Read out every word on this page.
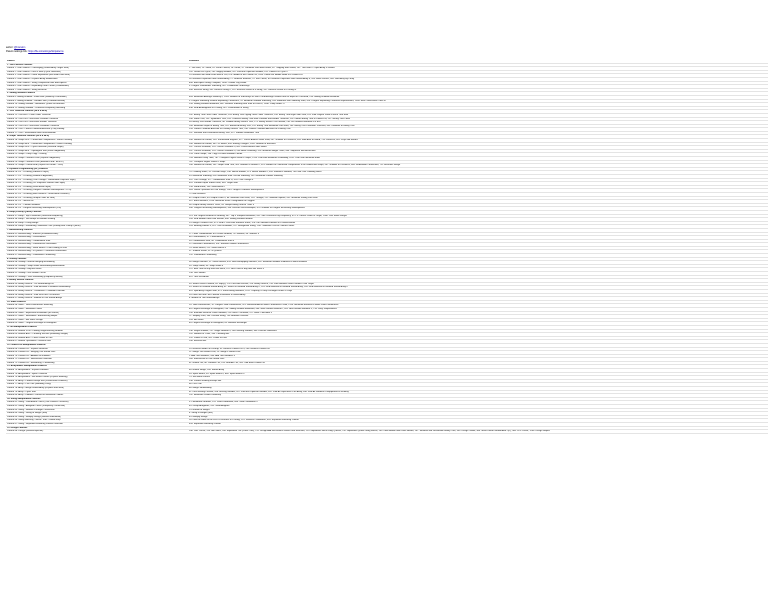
author: @brandon
Patent rankings link: https://file.io/rankings/list/patterns
Pattern	Problems
1. Two Pointers Patterns	
Pattern 1: Two Pointers - Converging (Sorted Array Target Sum)	1. Two Sum, 15. 3Sum, 16. 3Sum Closest, 18. 4Sum, 11. Container With Most Water, 42. Trapping Rain Water, 167. Two Sum II - Input Array Is Sorted
Pattern 2: Two Pointers - Fast & Slow (Cycle Detection)	141. Linked List Cycle, 202. Happy Number, 287. Find the Duplicate Number, 142. Linked List Cycle II
Pattern 3: Two Pointers - Fixed Separation (Nth Node From End)	19. Remove Nth Node From End of List, 876. Middle of the Linked List, 2095. Delete the Middle Node of a Linked List
Pattern 4: Two Pointers - In-place Array Modification	26. Remove Duplicates from Sorted Array, 27. Remove Element, 75. Sort Colors, 80. Remove Duplicates from Sorted Array II, 283. Move Zeroes, 905. Sort Array By Parity
Pattern 5: Two Pointers - String Comparison with Backspaces	844. Backspace String Compare, 1598. Crawler Log Folder
Pattern 6: Two Pointers - Expanding From Center (Palindromes)	5. Longest Palindromic Substring, 647. Palindromic Substrings
Pattern 7: Two Pointers - String Reversal	344. Reverse String, 541. Reverse String II, 151. Reverse Words in a String, 557. Reverse Words in a String III
2. Sliding Window Patterns	
Pattern 8: Sliding Window - Fixed Size (Subarray Calculation)	643. Maximum Average Subarray I, 1343. Number of Sub-arrays of Size K and Average Greater than or Equal to Threshold, 239. Sliding Window Maximum
Pattern 9: Sliding Window - Variable Size (Condition-Based)	3. Longest Substring Without Repeating Characters, 76. Minimum Window Substring, 209. Minimum Size Subarray Sum, 424. Longest Repeating Character Replacement, 1004. Max Consecutive Ones III
Pattern 10: Sliding Window - Monotonic Queue for Max/Min	239. Sliding Window Maximum, 862. Shortest Subarray with Sum at Least K, 1696. Jump Game VI
Pattern 11: Sliding Window - Character Frequency Matching	438. Find All Anagrams in a String, 567. Permutation in String
3. Tree Traversal Patterns (DFS & BFS)	
Pattern 12: Tree BFS - Level Order Traversal	102. Binary Tree Level Order Traversal, 103. Binary Tree Zigzag Level Order Traversal, 199. Binary Tree Right Side View, 515. Find Largest Value in Each Tree Row
Pattern 13: Tree DFS - Recursive Preorder Traversal	100. Same Tree, 101. Symmetric Tree, 105. Construct Binary Tree from Preorder and Inorder Traversal, 114. Flatten Binary Tree to Linked List, 257. Binary Tree Paths
Pattern 14: Tree DFS - Recursive Inorder Traversal	94. Binary Tree Inorder Traversal, 98. Validate Binary Search Tree, 173. Binary Search Tree Iterator, 230. Kth Smallest Element in a BST
Pattern 15: Tree DFS - Recursive Postorder Traversal	104. Maximum Depth of Binary Tree, 110. Balanced Binary Tree, 124. Binary Tree Maximum Path Sum, 145. Binary Tree Postorder Traversal, 543. Diameter of Binary Tree
Pattern 16: Tree - Lowest Common Ancestor (LCA) Finding	235. Lowest Common Ancestor of a Binary Search Tree, 236. Lowest Common Ancestor of a Binary Tree
Pattern 17: Tree - Serialization and Deserialization	297. Serialize and Deserialize Binary Tree, 572. Subtree of Another Tree
4. Graph Traversal Patterns (DFS & BFS)	
Pattern 18: Graph DFS - Connected Components / Island Counting	200. Number of Islands, 130. Surrounded Regions, 417. Pacific Atlantic Water Flow, 547. Number of Provinces, 695. Max Area of Island, 733. Flood Fill, 841. Keys and Rooms
Pattern 19: Graph BFS - Connected Components / Island Counting	200. Number of Islands, 542. 01 Matrix, 994. Rotting Oranges, 1020. Number of Enclaves
Pattern 20: Graph DFS - Cycle Detection (Directed Graph)	207. Course Schedule, 210. Course Schedule II, 802. Find Eventual Safe States
Pattern 21: Graph BFS - Topological Sort (Kahn's Algorithm)	207. Course Schedule, 210. Course Schedule II, 269. Alien Dictionary, 310. Minimum Height Trees, 444. Sequence Reconstruction
Pattern 22: Graph - Deep Copy / Cloning	133. Clone Graph, 138. Copy List with Random Pointer
Pattern 23: Graph - Shortest Path (Dijkstra's Algorithm)	743. Network Delay Time, 787. Cheapest Flights Within K Stops, 1514. Path with Maximum Probability, 1631. Path With Minimum Effort
Pattern 24: Graph - Shortest Path (Bellman-Ford / BFS+K)	787. Cheapest Flights Within K Stops
Pattern 25: Graph - Union-Find (Disjoint Set Union - DSU)	200. Number of Islands, 261. Graph Valid Tree, 305. Number of Islands II, 323. Number of Connected Components in an Undirected Graph, 547. Number of Provinces, 684. Redundant Connection, 721. Accounts Merge
5. Dynamic Programming (DP) Patterns	
Pattern 26: DP - 1D Array (Fibonacci Style)	70. Climbing Stairs, 91. Decode Ways, 198. House Robber, 213. House Robber II, 509. Fibonacci Number, 746. Min Cost Climbing Stairs
Pattern 27: DP - 1D Array (Kadane's Algorithm)	53. Maximum Subarray, 918. Maximum Sum Circular Subarray, 152. Maximum Product Subarray
Pattern 28: DP - 1D Array (Coin Change / Unbounded Knapsack Style)	322. Coin Change, 377. Combination Sum IV, 518. Coin Change II
Pattern 29: DP - 1D Array (0/1 Knapsack Subset Sum Style)	416. Partition Equal Subset Sum, 494. Target Sum
Pattern 30: DP - 1D Array (Word Break Style)	139. Word Break, 140. Word Break II
Pattern 31: DP - 2D Array (Longest Common Subsequence - LCS)	583. Delete Operation for Two Strings, 1143. Longest Common Subsequence
Pattern 32: DP - 2D Array (Edit Distance / Levenshtein Distance)	72. Edit Distance
Pattern 33: DP - 2D Array (Unique Paths on Grid)	62. Unique Paths, 63. Unique Paths II, 64. Minimum Path Sum, 120. Triangle, 221. Maximal Square, 931. Minimum Falling Path Sum
Pattern 34: DP - Interval DP	312. Burst Balloons, 1039. Minimum Score Triangulation of Polygon
Pattern 35: DP - Catalan Numbers	96. Unique Binary Search Trees, 95. Unique Binary Search Trees II
Pattern 36: DP - Longest Increasing Subsequence (LIS)	300. Longest Increasing Subsequence, 354. Russian Doll Envelopes, 673. Number of Longest Increasing Subsequence
6. Heap (Priority Queue) Patterns	
Pattern 37: Heap - Top K Elements (Selection/Frequency)	215. Kth Largest Element in an Array, 347. Top K Frequent Elements, 451. Sort Characters By Frequency, 973. K Closest Points to Origin, 1046. Last Stone Weight
Pattern 38: Heap - Two Heaps for Median Finding	295. Find Median from Data Stream, 480. Sliding Window Median
Pattern 39: Heap - K-way Merge	23. Merge k Sorted Lists, 373. Find K Pairs with Smallest Sums, 378. Kth Smallest Element in a Sorted Matrix
Pattern 40: Heap - Scheduling / Minimum Cost (Greedy with Priority Queue)	253. Meeting Rooms II, 621. Task Scheduler, 767. Reorganize String, 1167. Minimum Cost to Connect Sticks
7. Backtracking Patterns	
Pattern 41: Backtracking - Subsets (Include/Exclude)	17. Letter Combinations of a Phone Number, 78. Subsets, 90. Subsets II
Pattern 42: Backtracking - Permutations	46. Permutations, 47. Permutations II
Pattern 43: Backtracking - Combination Sum	39. Combination Sum, 40. Combination Sum II
Pattern 44: Backtracking - Parentheses Generation	22. Generate Parentheses, 301. Remove Invalid Parentheses
Pattern 45: Backtracking - Word Search / Path Finding in Grid	79. Word Search, 212. Word Search II
Pattern 46: Backtracking - N-Queens / Constraint Satisfaction	37. Sudoku Solver, 51. N-Queens
Pattern 47: Backtracking - Palindrome Partitioning	131. Palindrome Partitioning
8. Greedy Patterns	
Pattern 48: Greedy - Interval Merging/Scheduling	56. Merge Intervals, 57. Insert Interval, 435. Non-overlapping Intervals, 452. Minimum Number of Arrows to Burst Balloons
Pattern 49: Greedy - Jump Game Reachability/Minimization	55. Jump Game, 45. Jump Game II
Pattern 50: Greedy - Buy/Sell Stock	121. Best Time to Buy and Sell Stock, 122. Best Time to Buy and Sell Stock II
Pattern 51: Greedy - Gas Station Circuit	134. Gas Station
Pattern 52: Greedy - Task Scheduling (Frequency Based)	621. Task Scheduler
9. Binary Search Patterns	
Pattern 53: Binary Search - On Sorted Array/List	35. Search Insert Position, 69. Sqrt(x), 278. First Bad Version, 704. Binary Search, 744. Find Smallest Letter Greater Than Target
Pattern 54: Binary Search - Find Min/Max in Rotated Sorted Array	33. Search in Rotated Sorted Array, 81. Search in Rotated Sorted Array II, 153. Find Minimum in Rotated Sorted Array, 154. Find Minimum in Rotated Sorted Array II
Pattern 55: Binary Search - On Answer / Condition Function	410. Split Array Largest Sum, 875. Koko Eating Bananas, 1011. Capacity To Ship Packages Within D Days
Pattern 56: Binary Search - Find First/Last Occurrence	34. Find First and Last Position of Element in Sorted Array
Pattern 57: Binary Search - Median of Two Sorted Arrays	4. Median of Two Sorted Arrays
10. Stack Patterns	
Pattern 58: Stack - Valid Parentheses Matching	20. Valid Parentheses, 32. Longest Valid Parentheses, 921. Minimum Add to Make Parentheses Valid, 1249. Minimum Remove to Make Valid Parentheses
Pattern 59: Stack - Monotonic Stack	84. Largest Rectangle in Histogram, 239. Sliding Window Maximum, 496. Next Greater Element I, 503. Next Greater Element II, 739. Daily Temperatures
Pattern 60: Stack - Expression Evaluation (RPN/Infix)	150. Evaluate Reverse Polish Notation, 224. Basic Calculator, 227. Basic Calculator II
Pattern 61: Stack - Simulation / Backtracking Helper	71. Simplify Path, 394. Decode String, 735. Asteroid Collision
Pattern 62: Stack - Min Stack Design	155. Min Stack
Pattern 63: Stack - Largest Rectangle in Histogram	84. Largest Rectangle in Histogram, 85. Maximal Rectangle
11. Bit Manipulation Patterns	
Pattern 64: Bitwise XOR - Finding Single/Missing Number	136. Single Number, 137. Single Number II, 268. Missing Number, 389. Find the Difference
Pattern 65: Bitwise AND - Counting Set Bits (Hamming Weight)	191. Number of 1 Bits, 338. Counting Bits
Pattern 66: Bitwise AND - Check Power of Two	231. Power of Two, 342. Power of Four
Pattern 67: Bitwise Operations - Reverse Bits	190. Reverse Bits
12. Linked List Manipulation Patterns	
Pattern 68: Linked List - In-place Reversal	25. Reverse Nodes in k-Group, 92. Reverse Linked List II, 206. Reverse Linked List
Pattern 69: Linked List - Merging Two Sorted Lists	21. Merge Two Sorted Lists, 23. Merge k Sorted Lists
Pattern 70: Linked List - Addition of Numbers	2. Add Two Numbers, 445. Add Two Numbers II
Pattern 71: Linked List - Intersection Detection	160. Intersection of Two Linked Lists
Pattern 72: Linked List - Reordering / Partitioning	61. Rotate List, 86. Partition List, 143. Reorder List, 328. Odd Even Linked List
13. Array/Matrix Manipulation Patterns	
Pattern 73: Array/Matrix - In-place Rotation	48. Rotate Image, 189. Rotate Array
Pattern 74: Array/Matrix - Spiral Traversal	54. Spiral Matrix, 59. Spiral Matrix II, 885. Spiral Matrix III
Pattern 75: Array/Matrix - Set Matrix Zeroes (In-place Marking)	73. Set Matrix Zeroes
Pattern 76: Array - Product Except Self (Prefix/Suffix Products)	238. Product of Array Except Self
Pattern 77: Array - Plus One (Handling Carry)	66. Plus One
Pattern 78: Array - Merge Sorted Array (In-place from End)	88. Merge Sorted Array
Pattern 79: Array - Cyclic Sort	41. First Missing Positive, 268. Missing Number, 287. Find the Duplicate Number, 442. Find All Duplicates in an Array, 448. Find All Numbers Disappeared in an Array
Pattern 80: Array - Kadane's Variant for Maximum Product	152. Maximum Product Subarray
14. String Manipulation Patterns	
Pattern 81: String - Palindrome Check (Two Pointers / Reverse)	9. Palindrome Number, 125. Valid Palindrome, 680. Valid Palindrome II
Pattern 82: String - Anagram Check (Frequency Count/Sort)	49. Group Anagrams, 242. Valid Anagram
Pattern 83: String - Roman to Integer Conversion	13. Roman to Integer
Pattern 84: String - String to Integer (atoi)	8. String to Integer (atoi)
Pattern 85: String - Multiply Strings (Manual Simulation)	43. Multiply Strings
Pattern 86: String Matching - Naive / KMP / Rabin-Karp	28. Find the Index of the First Occurrence in a String, 214. Shortest Palindrome, 459. Repeated Substring Pattern
Pattern 87: String - Repeated Substring Pattern Detection	459. Repeated Substring Pattern
15. Design Patterns	
Pattern 88: Design (General/Specific)	146. LRU Cache, 155. Min Stack, 208. Implement Trie (Prefix Tree), 211. Design Add and Search Words Data Structure, 225. Implement Stack using Queues, 232. Implement Queue using Stacks, 295. Find Median from Data Stream, 297. Serialize and Deserialize Binary Tree, 355. Design Twitter, 380. Insert Delete GetRandom O(1), 460. LFU Cache, 1206. Design Skiplist
